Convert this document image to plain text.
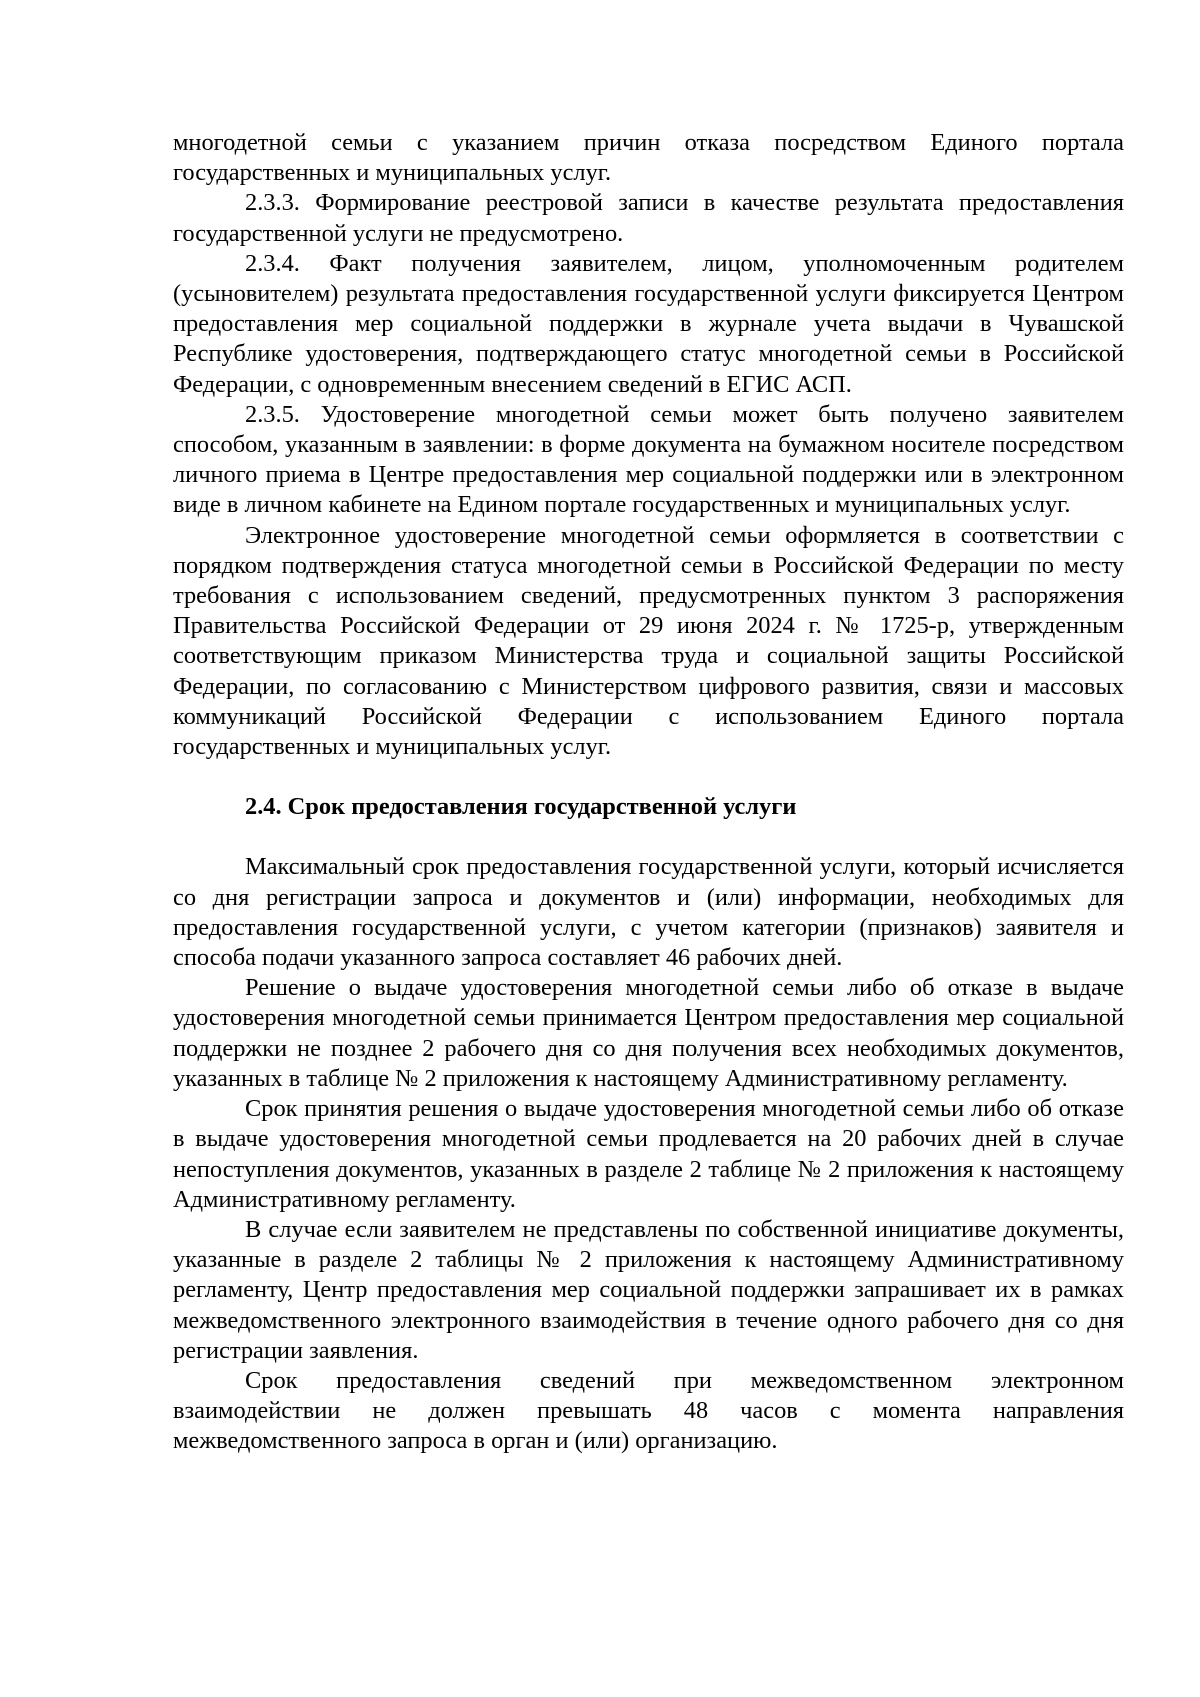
многодетной семьи с указанием причин отказа посредством Единого портала государственных и муниципальных услуг.

2.3.3. Формирование реестровой записи в качестве результата предоставления государственной услуги не предусмотрено.

2.3.4. Факт получения заявителем, лицом, уполномоченным родителем (усыновителем) результата предоставления государственной услуги фиксируется Центром предоставления мер социальной поддержки в журнале учета выдачи в Чувашской Республике удостоверения, подтверждающего статус многодетной семьи в Российской Федерации, с одновременным внесением сведений в ЕГИС АСП.

2.3.5. Удостоверение многодетной семьи может быть получено заявителем способом, указанным в заявлении: в форме документа на бумажном носителе посредством личного приема в Центре предоставления мер социальной поддержки или в электронном виде в личном кабинете на Едином портале государственных и муниципальных услуг.

Электронное удостоверение многодетной семьи оформляется в соответствии с порядком подтверждения статуса многодетной семьи в Российской Федерации по месту требования с использованием сведений, предусмотренных пунктом 3 распоряжения Правительства Российской Федерации от 29 июня 2024 г. № 1725-р, утвержденным соответствующим приказом Министерства труда и социальной защиты Российской Федерации, по согласованию с Министерством цифрового развития, связи и массовых коммуникаций Российской Федерации с использованием Единого портала государственных и муниципальных услуг.

2.4. Срок предоставления государственной услуги

Максимальный срок предоставления государственной услуги, который исчисляется со дня регистрации запроса и документов и (или) информации, необходимых для предоставления государственной услуги, с учетом категории (признаков) заявителя и способа подачи указанного запроса составляет 46 рабочих дней.

Решение о выдаче удостоверения многодетной семьи либо об отказе в выдаче удостоверения многодетной семьи принимается Центром предоставления мер социальной поддержки не позднее 2 рабочего дня со дня получения всех необходимых документов, указанных в таблице № 2 приложения к настоящему Административному регламенту.

Срок принятия решения о выдаче удостоверения многодетной семьи либо об отказе в выдаче удостоверения многодетной семьи продлевается на 20 рабочих дней в случае непоступления документов, указанных в разделе 2 таблице № 2 приложения к настоящему Административному регламенту.

В случае если заявителем не представлены по собственной инициативе документы, указанные в разделе 2 таблицы № 2 приложения к настоящему Административному регламенту, Центр предоставления мер социальной поддержки запрашивает их в рамках межведомственного электронного взаимодействия в течение одного рабочего дня со дня регистрации заявления.

Срок предоставления сведений при межведомственном электронном взаимодействии не должен превышать 48 часов с момента направления межведомственного запроса в орган и (или) организацию.
